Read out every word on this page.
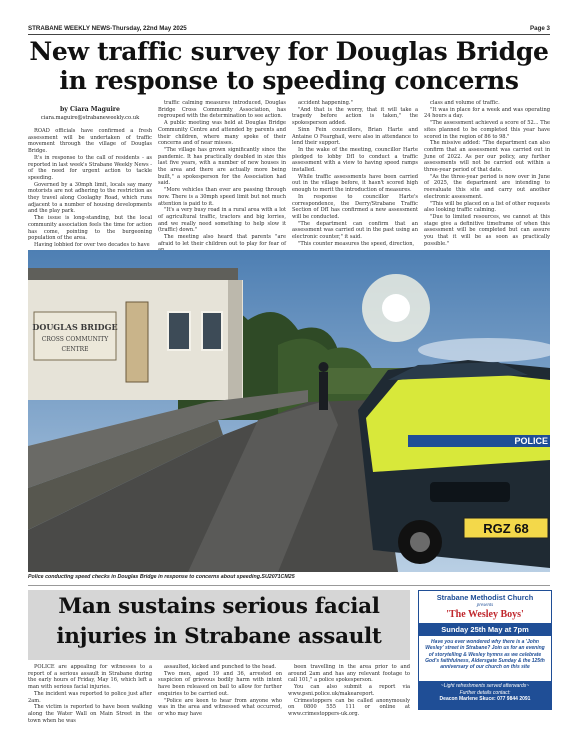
STRABANE WEEKLY NEWS-Thursday, 22nd May 2025	Page 3
New traffic survey for Douglas Bridge
in response to speeding concerns
by Ciara Maguire
ciara.maguire@strabaneweekly.co.uk

ROAD officials have confirmed a fresh assessment will be undertaken of traffic movement through the village of Douglas Bridge.

It's in response to the call of residents - as reported in last week's Strabane Weekly News - of the need for urgent action to tackle speeding.

Governed by a 30mph limit, locals say many motorists are not adhering to the restriction as they travel along Coolaghy Road, which runs adjacent to a number of housing developments and the play park.

The issue is long-standing, but the local community association feels the time for action has come, pointing to the burgeoning population of the area.

Having lobbied for over two decades to have

traffic calming measures introduced, Douglas Bridge Cross Community Association, has regrouped with the determination to see action.

A public meeting was held at Douglas Bridge Community Centre and attended by parents and their children, where many spoke of their concerns and of near misses.

"The village has grown significantly since the pandemic. It has practically doubled in size this last five years, with a number of new houses in the area and there are actually more being built," a spokesperson for the Association had said.

"More vehicles than ever are passing through now. There is a 30mph speed limit but not much attention is paid to it.

"It's a very busy road in a rural area with a lot of agricultural traffic, tractors and big lorries, and we really need something to help slow it (traffic) down."

The meeting also heard that parents "are afraid to let their children out to play for fear of

accident happening."

"And that is the worry, that it will take a tragedy before action is taken," the spokesperson added.

Sinn Fein councillors, Brian Harte and Antaine O Fearghail, were also in attendance to lend their support.

In the wake of the meeting, councillor Harte pledged to lobby DfI to conduct a traffic assessment with a view to having speed ramps installed.

While traffic assessments have been carried out in the village before, it hasn't scored high enough to merit the introduction of measures.

In response to councillor Harte's correspondence, the Derry/Strabane Traffic Section of DfI has confirmed a new assessment will be conducted.

"The department can confirm that an assessment was carried out in the past using an electronic counter," it said.

"This counter measures the speed, direction,

class and volume of traffic.

"It was in place for a week and was operating 24 hours a day.

"The assessment achieved a score of 52... The sites planned to be completed this year have scored in the region of 86 to 98."

The missive added: "The department can also confirm that an assessment was carried out in June of 2022. As per our policy, any further assessments will not be carried out within a three-year period of that date.

"As the three-year period is now over in June of 2025, the department are intending to reevaluate this site and carry out another electronic assessment.

"This will be placed on a list of other requests also looking traffic calming.

"Due to limited resources, we cannot at this stage give a definitive timeframe of when this assessment will be completed but can assure you that it will be as soon as practically possible."

DOUGLAS BRIDGE
CROSS COMMUNITY
CENTRE
POLICE
RGZ 68
Police conducting speed checks in Douglas Bridge in response to concerns about speeding.SU2071CM25
Man sustains serious facial
injuries in Strabane assault

POLICE are appealing for witnesses to a report of a serious assault in Strabane during the early hours of Friday, May 16, which left a man with serious facial injuries.

The incident was reported to police just after 2am.

The victim is reported to have been walking along the Water Wall on Main Street in the town when he was

assaulted, kicked and punched to the head.

Two men, aged 19 and 36, arrested on suspicion of grievous bodily harm with intent have been released on bail to allow for further enquiries to be carried out.

"Police are keen to hear from anyone who was in the area and witnessed what occurred, or who may have

been travelling in the area prior to and around 2am and has any relevant footage to call 101," a police spokesperson.

You can also submit a report via www.psni.police.uk/makeareport.

Crimestoppers can be called anonymously on 0800 555 111 or online at www.crimestoppers-uk.org.

Strabane Methodist Church
presents
'The Wesley Boys'
Sunday 25th May at 7pm
Have you ever wondered why there is a 'John Wesley' street in Strabane? Join us for an evening of storytelling & Wesley hymns as we celebrate God's faithfulness, Aldersgate Sunday & the 125th anniversary of our church on this site
~Light refreshments served afterwards~
Further details contact:
Deacon Marlene Skuce: 077 9844 2091
